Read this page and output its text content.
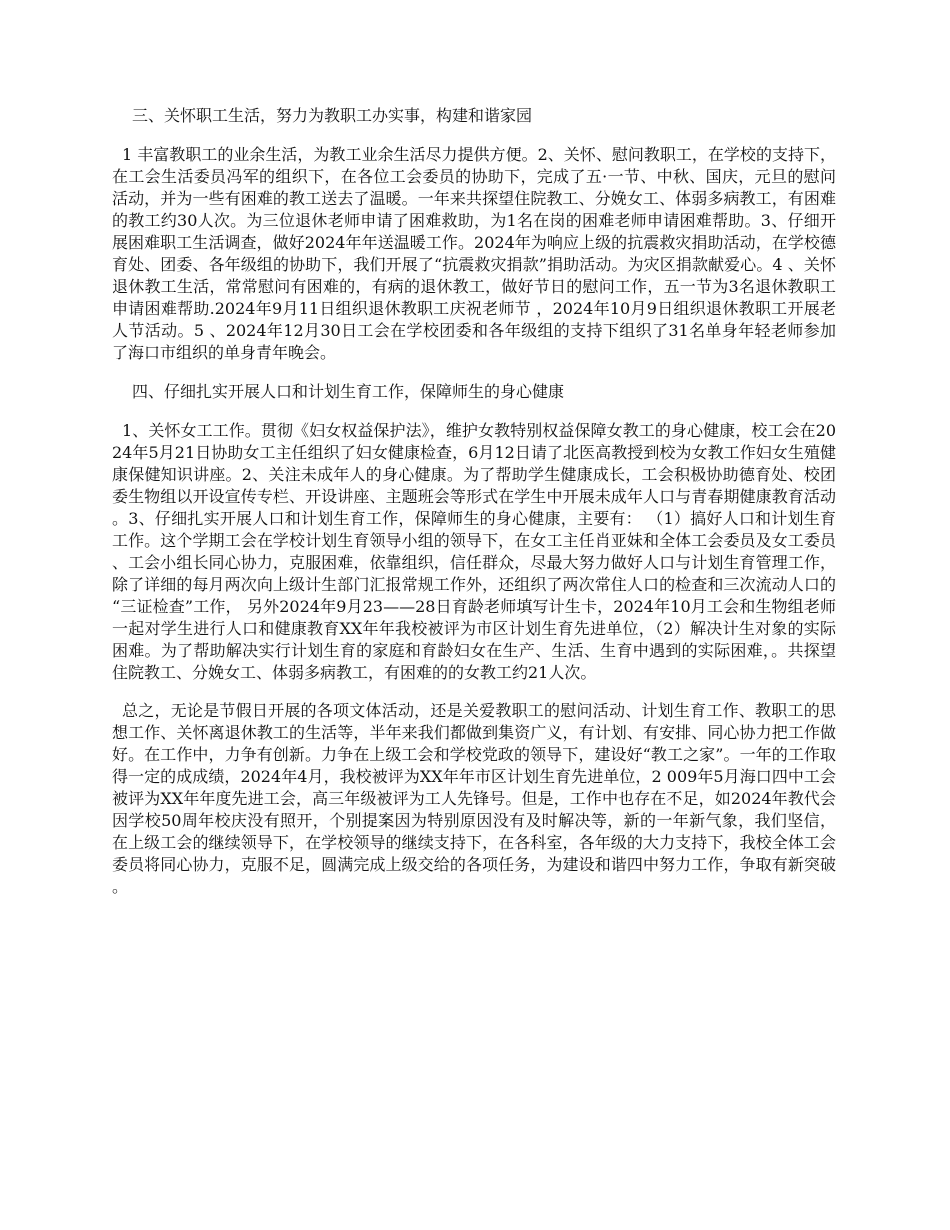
三、关怀职工生活，努力为教职工办实事，构建和谐家园

1 丰富教职工的业余生活，为教工业余生活尽力提供方便。2、关怀、慰问教职工，在学校的支持下，在工会生活委员冯军的组织下，在各位工会委员的协助下，完成了五·一节、中秋、国庆，元旦的慰问活动，并为一些有困难的教工送去了温暖。一年来共探望住院教工、分娩女工、体弱多病教工，有困难的教工约30人次。为三位退休老师申请了困难救助，为1名在岗的困难老师申请困难帮助。3、仔细开展困难职工生活调查，做好2024年年送温暖工作。2024年为响应上级的抗震救灾捐助活动，在学校德育处、团委、各年级组的协助下，我们开展了“抗震救灾捐款”捐助活动。为灾区捐款献爱心。4 、关怀退休教工生活，常常慰问有困难的，有病的退休教工，做好节日的慰问工作，五一节为3名退休教职工申请困难帮助.2024年9月11日组织退休教职工庆祝老师节 ，2024年10月9日组织退休教职工开展老人节活动。5 、2024年12月30日工会在学校团委和各年级组的支持下组织了31名单身年轻老师参加了海口市组织的单身青年晚会。

四、仔细扎实开展人口和计划生育工作，保障师生的身心健康

1、关怀女工工作。贯彻《妇女权益保护法》，维护女教特别权益保障女教工的身心健康，校工会在2024年5月21日协助女工主任组织了妇女健康检查，6月12日请了北医高教授到校为女教工作妇女生殖健康保健知识讲座。2、关注未成年人的身心健康。为了帮助学生健康成长，工会积极协助德育处、校团委生物组以开设宣传专栏、开设讲座、主题班会等形式在学生中开展未成年人口与青春期健康教育活动。3、仔细扎实开展人口和计划生育工作，保障师生的身心健康，主要有： （1）搞好人口和计划生育工作。这个学期工会在学校计划生育领导小组的领导下，在女工主任肖亚妹和全体工会委员及女工委员、工会小组长同心协力，克服困难，依靠组织，信任群众，尽最大努力做好人口与计划生育管理工作，除了详细的每月两次向上级计生部门汇报常规工作外，还组织了两次常住人口的检查和三次流动人口的“三证检查”工作， 另外2024年9月23——28日育龄老师填写计生卡，2024年10月工会和生物组老师一起对学生进行人口和健康教育XX年年我校被评为市区计划生育先进单位，（2）解决计生对象的实际困难。为了帮助解决实行计划生育的家庭和育龄妇女在生产、生活、生育中遇到的实际困难，。共探望住院教工、分娩女工、体弱多病教工，有困难的的女教工约21人次。

总之，无论是节假日开展的各项文体活动，还是关爱教职工的慰问活动、计划生育工作、教职工的思想工作、关怀离退休教工的生活等，半年来我们都做到集资广义，有计划、有安排、同心协力把工作做好。在工作中，力争有创新。力争在上级工会和学校党政的领导下，建设好“教工之家”。一年的工作取得一定的成成绩，2024年4月，我校被评为XX年年市区计划生育先进单位，2 009年5月海口四中工会被评为XX年年度先进工会，高三年级被评为工人先锋号。但是，工作中也存在不足，如2024年教代会因学校50周年校庆没有照开，个别提案因为特别原因没有及时解决等，新的一年新气象，我们坚信，在上级工会的继续领导下，在学校领导的继续支持下，在各科室，各年级的大力支持下，我校全体工会委员将同心协力，克服不足，圆满完成上级交给的各项任务，为建设和谐四中努力工作，争取有新突破。
